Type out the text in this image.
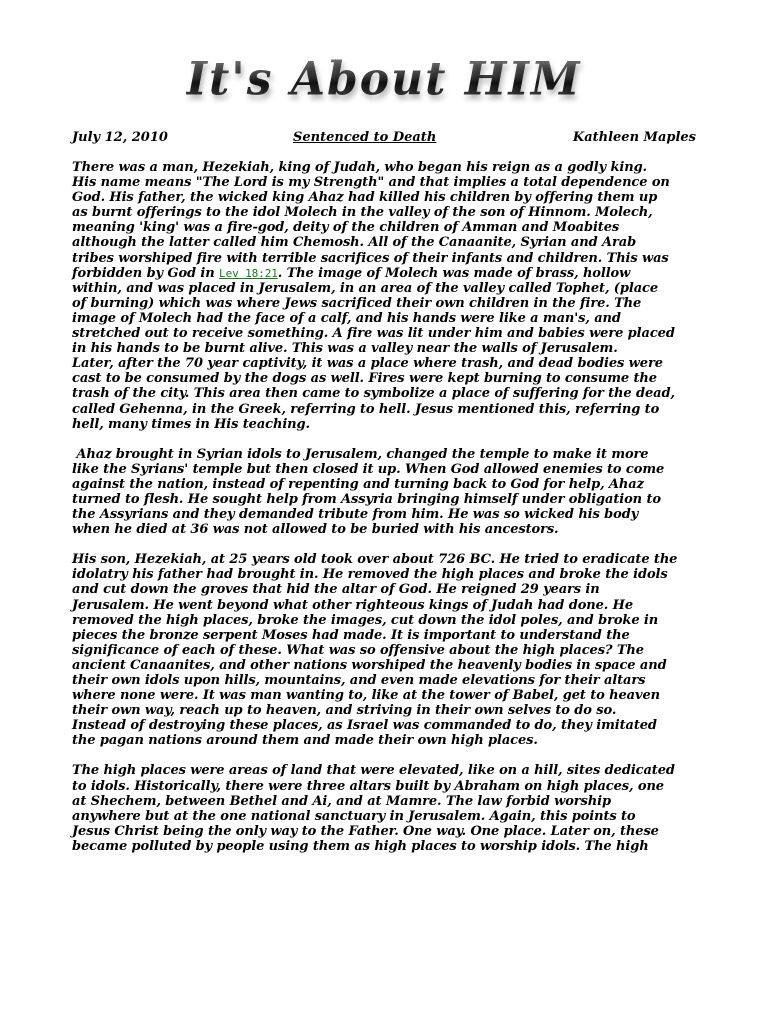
It's About HIM
July 12, 2010	Sentenced to Death	Kathleen Maples

There was a man, Hezekiah, king of Judah, who began his reign as a godly king.
His name means "The Lord is my Strength" and that implies a total dependence on
God. His father, the wicked king Ahaz had killed his children by offering them up
as burnt offerings to the idol Molech in the valley of the son of Hinnom. Molech,
meaning 'king' was a fire-god, deity of the children of Amman and Moabites
although the latter called him Chemosh. All of the Canaanite, Syrian and Arab
tribes worshiped fire with terrible sacrifices of their infants and children. This was
forbidden by God in Lev 18:21. The image of Molech was made of brass, hollow
within, and was placed in Jerusalem, in an area of the valley called Tophet, (place
of burning) which was where Jews sacrificed their own children in the fire. The
image of Molech had the face of a calf, and his hands were like a man's, and
stretched out to receive something. A fire was lit under him and babies were placed
in his hands to be burnt alive. This was a valley near the walls of Jerusalem.
Later, after the 70 year captivity, it was a place where trash, and dead bodies were
cast to be consumed by the dogs as well. Fires were kept burning to consume the
trash of the city. This area then came to symbolize a place of suffering for the dead,
called Gehenna, in the Greek, referring to hell. Jesus mentioned this, referring to
hell, many times in His teaching.

Ahaz brought in Syrian idols to Jerusalem, changed the temple to make it more
like the Syrians' temple but then closed it up. When God allowed enemies to come
against the nation, instead of repenting and turning back to God for help, Ahaz
turned to flesh. He sought help from Assyria bringing himself under obligation to
the Assyrians and they demanded tribute from him. He was so wicked his body
when he died at 36 was not allowed to be buried with his ancestors.

His son, Hezekiah, at 25 years old took over about 726 BC. He tried to eradicate the
idolatry his father had brought in. He removed the high places and broke the idols
and cut down the groves that hid the altar of God. He reigned 29 years in
Jerusalem. He went beyond what other righteous kings of Judah had done. He
removed the high places, broke the images, cut down the idol poles, and broke in
pieces the bronze serpent Moses had made. It is important to understand the
significance of each of these. What was so offensive about the high places? The
ancient Canaanites, and other nations worshiped the heavenly bodies in space and
their own idols upon hills, mountains, and even made elevations for their altars
where none were. It was man wanting to, like at the tower of Babel, get to heaven
their own way, reach up to heaven, and striving in their own selves to do so.
Instead of destroying these places, as Israel was commanded to do, they imitated
the pagan nations around them and made their own high places.

The high places were areas of land that were elevated, like on a hill, sites dedicated
to idols. Historically, there were three altars built by Abraham on high places, one
at Shechem, between Bethel and Ai, and at Mamre. The law forbid worship
anywhere but at the one national sanctuary in Jerusalem. Again, this points to
Jesus Christ being the only way to the Father. One way. One place. Later on, these
became polluted by people using them as high places to worship idols. The high
